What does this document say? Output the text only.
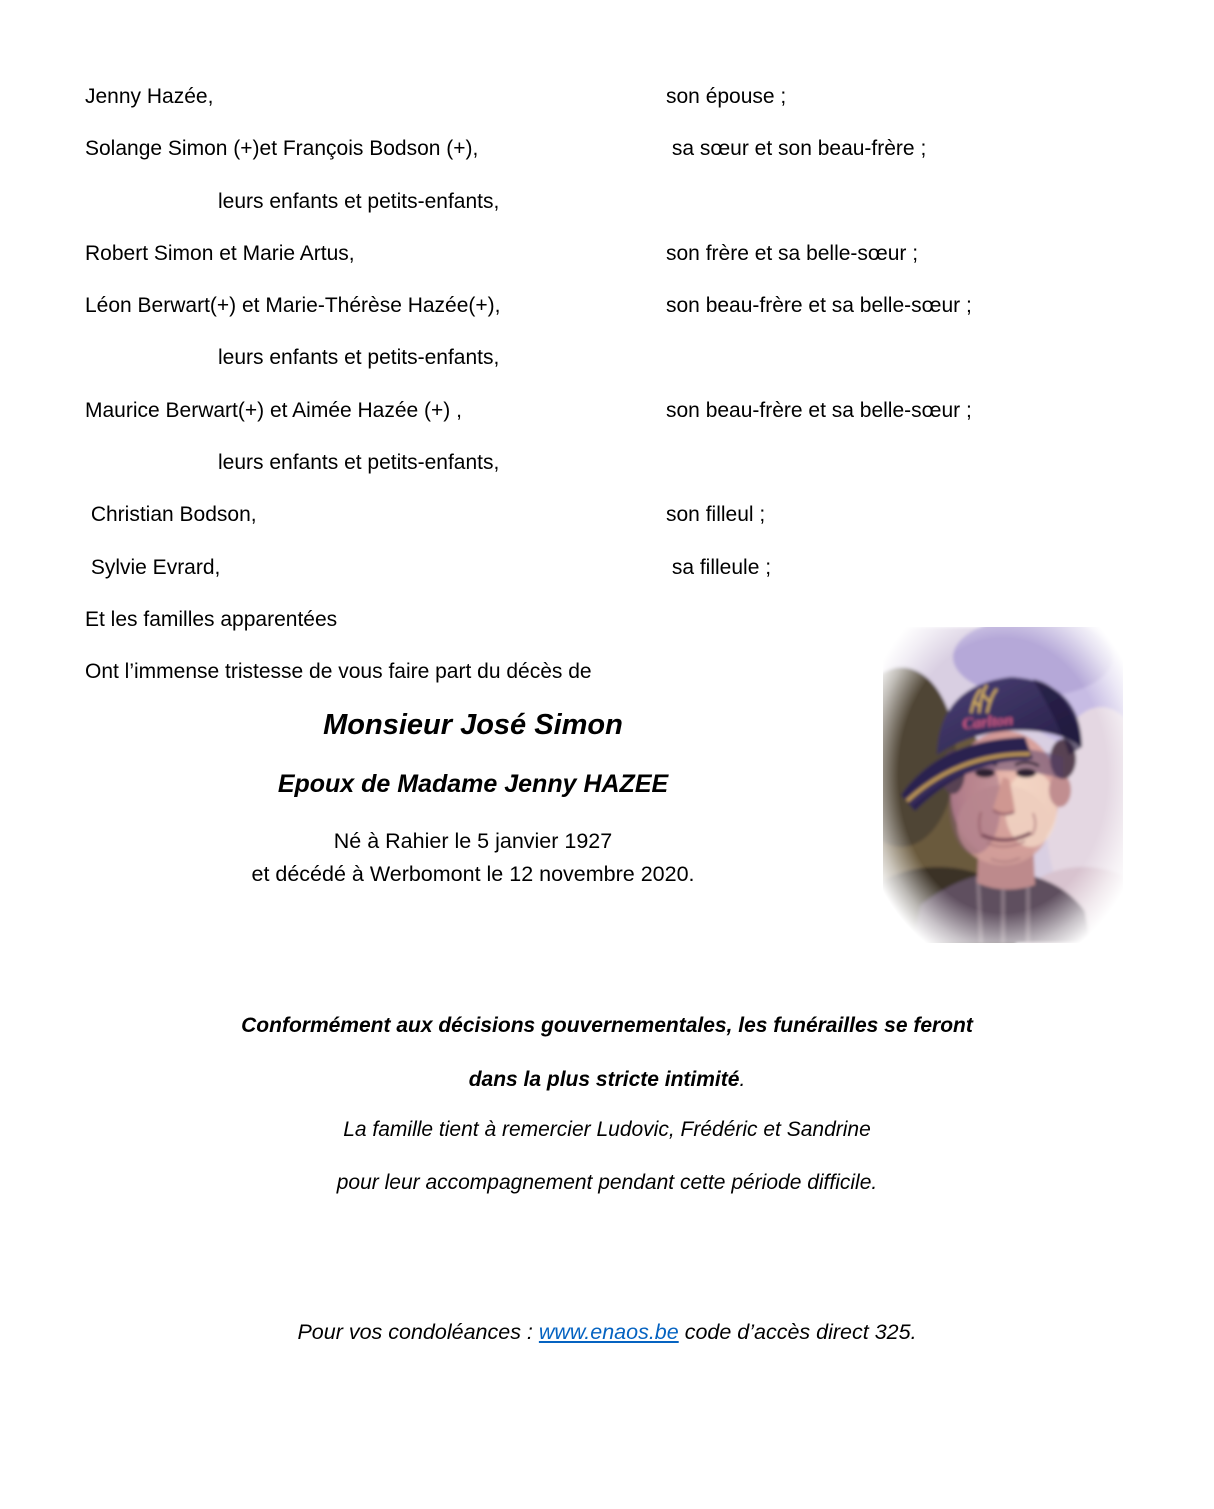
Jenny Hazée,	son épouse ;
Solange Simon (+)et François Bodson (+),	sa sœur et son beau-frère ;
leurs enfants et petits-enfants,
Robert Simon et Marie Artus,	son frère et sa belle-sœur ;
Léon Berwart(+) et Marie-Thérèse Hazée(+),	son beau-frère et sa belle-sœur ;
leurs enfants et petits-enfants,
Maurice Berwart(+) et Aimée Hazée (+) ,	son beau-frère et sa belle-sœur ;
leurs enfants et petits-enfants,
Christian Bodson,	son filleul ;
Sylvie Evrard,	sa filleule ;
Et les familles apparentées
Ont l’immense tristesse de vous faire part du décès de

Monsieur José Simon

Epoux de Madame Jenny HAZEE

Né à Rahier le 5 janvier 1927

et décédé à Werbomont le 12 novembre 2020.

Conformément aux décisions gouvernementales, les funérailles se feront

dans la plus stricte intimité.

La famille tient à remercier Ludovic, Frédéric et Sandrine

pour leur accompagnement pendant cette période difficile.

Pour vos condoléances : www.enaos.be code d’accès direct 325.
